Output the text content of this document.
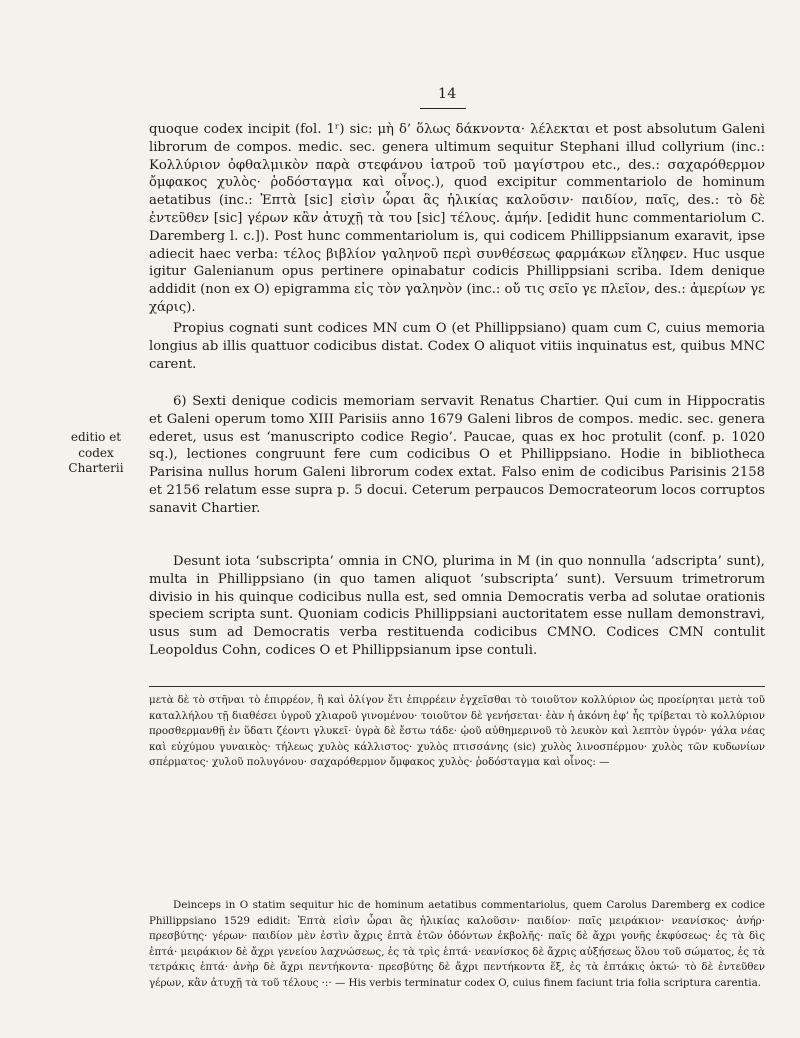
14

quoque codex incipit (fol. 1ʳ) sic: μὴ δ’ ὅλως δάκνοντα· λέλεκται et post absolutum Galeni librorum de compos. medic. sec. genera ultimum sequitur Stephani illud collyrium (inc.: Κολλύριον ὀφθαλμικὸν παρὰ στεφάνου ἰατροῦ τοῦ μαγίστρου etc., des.: σαχαρόθερμον ὄμφακος χυλὸς· ῥοδόσταγμα καὶ οἶνος.), quod excipitur commentariolo de hominum aetatibus (inc.: Ἑπτὰ [sic] εἰσὶν ὧραι ἃς ἡλικίας καλοῦσιν· παιδίον, παῖς, des.: τὸ δὲ ἐντεῦθεν [sic] γέρων κἂν ἀτυχῇ τὰ του [sic] τέλους. ἀμήν. [edidit hunc commentariolum C. Daremberg l. c.]). Post hunc commentariolum is, qui codicem Phillippsianum exaravit, ipse adiecit haec verba: τέλος βιβλίον γαληνοῦ περὶ συνθέσεως φαρμάκων εἴληφεν. Huc usque igitur Galenianum opus pertinere opinabatur codicis Phillippsiani scriba. Idem denique addidit (non ex O) epigramma εἰς τὸν γαληνὸν (inc.: οὔ τις σεῖο γε πλεῖον, des.: ἀμερίων γε χάρις).

Propius cognati sunt codices MN cum O (et Phillippsiano) quam cum C, cuius memoria longius ab illis quattuor codicibus distat. Codex O aliquot vitiis inquinatus est, quibus MNC carent.

editio et
codex
Charterii

6) Sexti denique codicis memoriam servavit Renatus Chartier. Qui cum in Hippocratis et Galeni operum tomo XIII Parisiis anno 1679 Galeni libros de compos. medic. sec. genera ederet, usus est ‘manuscripto codice Regio’. Paucae, quas ex hoc protulit (conf. p. 1020 sq.), lectiones congruunt fere cum codicibus O et Phillippsiano. Hodie in bibliotheca Parisina nullus horum Galeni librorum codex extat. Falso enim de codicibus Parisinis 2158 et 2156 relatum esse supra p. 5 docui. Ceterum perpaucos Democrateorum locos corruptos sanavit Chartier.

Desunt iota ‘subscripta’ omnia in CNO, plurima in M (in quo nonnulla ‘adscripta’ sunt), multa in Phillippsiano (in quo tamen aliquot ‘subscripta’ sunt). Versuum trimetrorum divisio in his quinque codicibus nulla est, sed omnia Democratis verba ad solutae orationis speciem scripta sunt. Quoniam codicis Phillippsiani auctoritatem esse nullam demonstravi, usus sum ad Democratis verba restituenda codicibus CMNO. Codices CMN contulit Leopoldus Cohn, codices O et Phillippsianum ipse contuli.

μετὰ δὲ τὸ στῆναι τὸ ἐπιρρέον, ἢ καὶ ὀλίγον ἔτι ἐπιρρέειν ἐγχεῖσθαι τὸ τοιοῦτον κολλύριον ὡς προείρηται μετὰ τοῦ καταλλήλου τῇ διαθέσει ὑγροῦ χλιαροῦ γινομένου· τοιοῦτον δὲ γενήσεται· ἐὰν ἡ ἀκόνη ἐφ’ ἧς τρίβεται τὸ κολλύριον προσθερμανθῇ ἐν ὕδατι ζέοντι γλυκεῖ· ὑγρὰ δὲ ἔστω τάδε· ᾠοῦ αὐθημερινοῦ τὸ λευκὸν καὶ λεπτὸν ὑγρόν· γάλα νέας καὶ εὐχύμου γυναικὸς· τήλεως χυλὸς κάλλιστος· χυλὸς πτισσάνης (sic) χυλὸς λινοσπέρμου· χυλὸς τῶν κυδωνίων σπέρματος· χυλοῦ πολυγόνου· σαχαρόθερμον ὄμφακος χυλὸς· ῥοδόσταγμα καὶ οἶνος: —

Deinceps in O statim sequitur hic de hominum aetatibus commentariolus, quem Carolus Daremberg ex codice Phillippsiano 1529 edidit: Ἑπτὰ εἰσὶν ὧραι ἃς ἡλικίας καλοῦσιν· παιδίον· παῖς μειράκιον· νεανίσκος· ἀνήρ· πρεσβύτης· γέρων· παιδίον μὲν ἐστὶν ἄχρις ἑπτὰ ἐτῶν ὀδόντων ἐκβολῆς· παῖς δὲ ἄχρι γονῆς ἐκφύσεως· ἐς τὰ δὶς ἑπτά· μειράκιον δὲ ἄχρι γενείου λαχνώσεως, ἐς τὰ τρὶς ἑπτά· νεανίσκος δὲ ἄχρις αὐξήσεως ὅλου τοῦ σώματος, ἐς τὰ τετράκις ἑπτά· ἀνὴρ δὲ ἄχρι πεντήκοντα· πρεσβύτης δὲ ἄχρι πεντήκοντα ἕξ, ἐς τὰ ἑπτάκις ὀκτώ· τὸ δὲ ἐντεῦθεν γέρων, κἂν ἀτυχῇ τὰ τοῦ τέλους ·:· — His verbis terminatur codex O, cuius finem faciunt tria folia scriptura carentia.
